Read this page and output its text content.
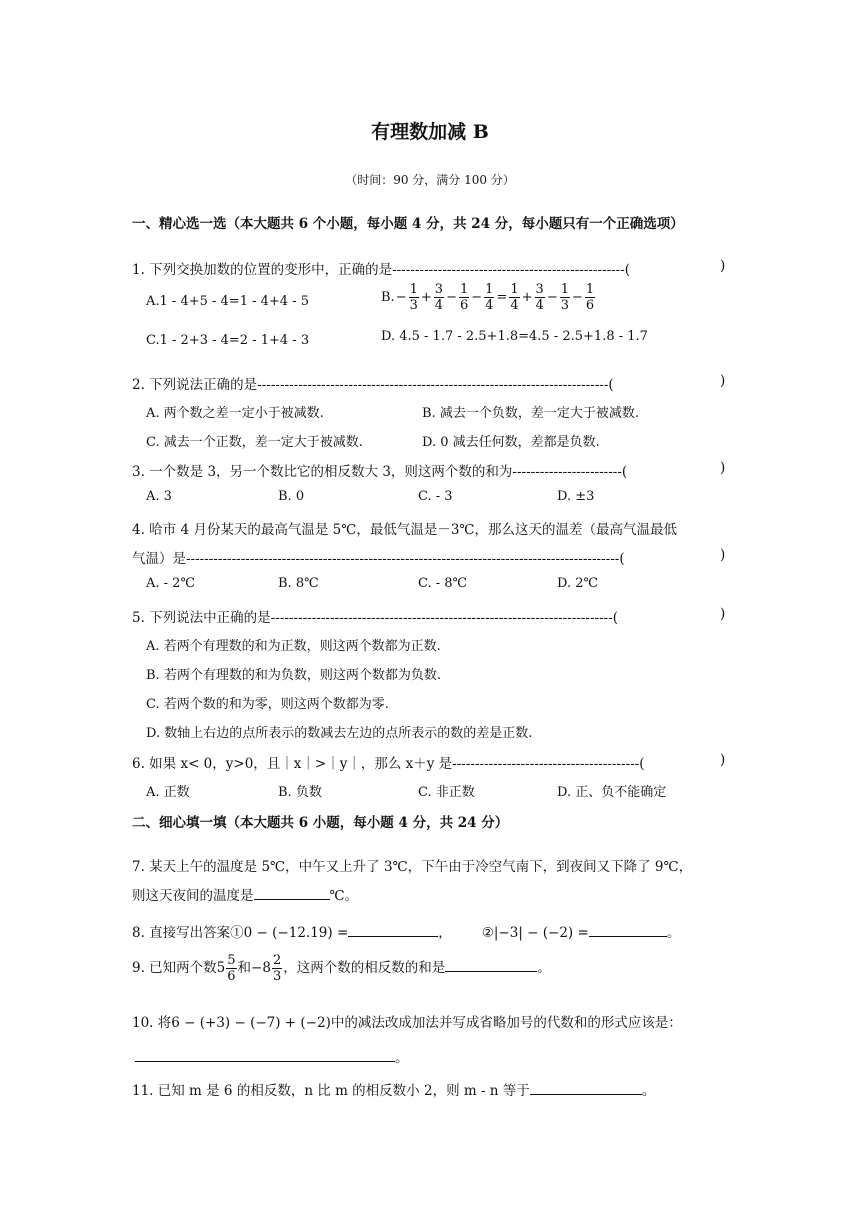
有理数加减 B
（时间：90 分，满分 100 分）
一、精心选一选（本大题共 6 个小题，每小题 4 分，共 24 分，每小题只有一个正确选项）
1. 下列交换加数的位置的变形中，正确的是---------------------------------------------------(	)
A.1 - 4+5 - 4=1 - 4+4 - 5	$B.- \frac{1}{3} + \frac{3}{4} - \frac{1}{6} - \frac{1}{4} = \frac{1}{4} + \frac{3}{4} - \frac{1}{3} - \frac{1}{6}$
C.1 - 2+3 - 4=2 - 1+4 - 3	D. 4.5 - 1.7 - 2.5+1.8=4.5 - 2.5+1.8 - 1.7
2. 下列说法正确的是-----------------------------------------------------------------------------(	)
A. 两个数之差一定小于被减数.	B. 减去一个负数，差一定大于被减数.
C. 减去一个正数，差一定大于被减数.	D. 0 减去任何数，差都是负数.
3. 一个数是 3，另一个数比它的相反数大 3，则这两个数的和为------------------------(	)
A. 3	B. 0	C. - 3	D. ±3
4. 哈市 4 月份某天的最高气温是 5℃，最低气温是－3℃，那么这天的温差（最高气温最低
气温）是-----------------------------------------------------------------------------------------------(	)
A. - 2℃	B. 8℃	C. - 8℃	D. 2℃
5. 下列说法中正确的是---------------------------------------------------------------------------(	)
A. 若两个有理数的和为正数，则这两个数都为正数.
B. 若两个有理数的和为负数，则这两个数都为负数.
C. 若两个数的和为零，则这两个数都为零.
D. 数轴上右边的点所表示的数减去左边的点所表示的数的差是正数.
6. 如果 x< 0，y>0，且｜x｜>｜y｜，那么 x＋y 是-----------------------------------------(	)
A. 正数	B. 负数	C. 非正数	D. 正、负不能确定
二、细心填一填（本大题共 6 小题，每小题 4 分，共 24 分）
7. 某天上午的温度是 5℃，中午又上升了 3℃，下午由于冷空气南下，到夜间又下降了 9℃，
则这天夜间的温度是	℃。
8. 直接写出答案①0 − (−12.19) =	， ②|−3| − (−2) =	。
9. 已知两个数$5 \frac{5}{6}$ 和$-8 \frac{2}{3}$ ，这两个数的相反数的和是	。
10. 将6 − (+3) − (−7) + (−2)中的减法改成加法并写成省略加号的代数和的形式应该是：
。
11. 已知 m 是 6 的相反数，n 比 m 的相反数小 2，则 m - n 等于	。
